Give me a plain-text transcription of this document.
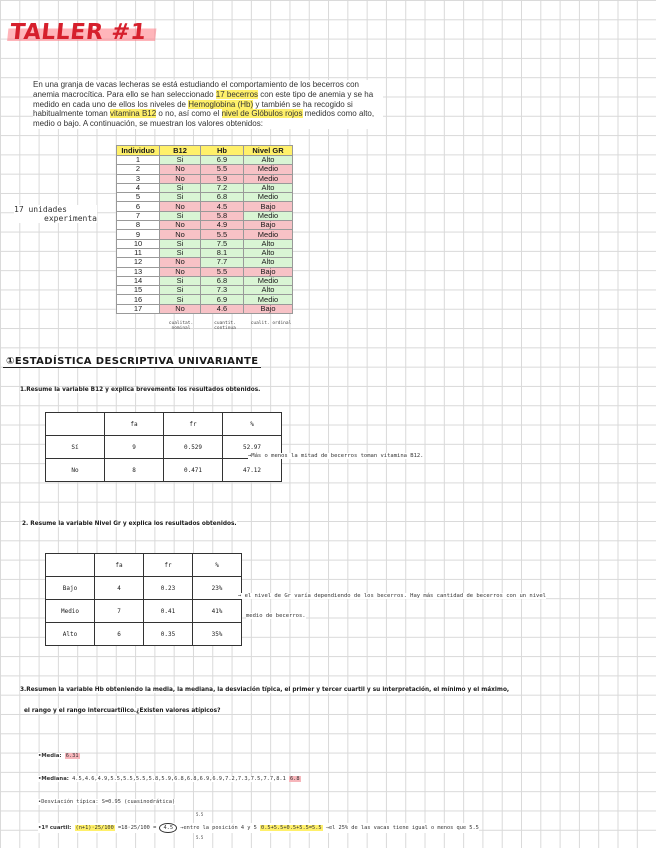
TALLER #1
En una granja de vacas lecheras se está estudiando el comportamiento de los becerros con anemia macrocítica. Para ello se han seleccionado 17 becerros con este tipo de anemia y se ha medido en cada uno de ellos los niveles de Hemoglobina (Hb) y también se ha recogido si habitualmente toman vitamina B12 o no, así como el nivel de Glóbulos rojos medidos como alto, medio o bajo. A continuación, se muestran los valores obtenidos:
Individuo	B12	Hb	Nivel GR
1	Si	6.9	Alto
2	No	5.5	Medio
3	No	5.9	Medio
4	Si	7.2	Alto
5	Si	6.8	Medio
6	No	4.5	Bajo
7	Si	5.8	Medio
8	No	4.9	Bajo
9	No	5.5	Medio
10	Si	7.5	Alto
11	Si	8.1	Alto
12	No	7.7	Alto
13	No	5.5	Bajo
14	Si	6.8	Medio
15	Si	7.3	Alto
16	Si	6.9	Medio
17	No	4.6	Bajo
17 unidades
experimenta
cualitat. nominal
cuantit. continua
cualit. ordinal
①ESTADÍSTICA DESCRIPTIVA UNIVARIANTE
1.Resume la variable B12 y explica brevemente los resultados obtenidos.
	fa	fr	%
Sí	9	0.529	52.97
No	8	0.471	47.12
→Más o menos la mitad de becerros toman vitamina B12.
2. Resume la variable Nivel Gr y explica los resultados obtenidos.
	fa	fr	%
Bajo	4	0.23	23%
Medio	7	0.41	41%
Alto	6	0.35	35%
→ el nivel de Gr varía dependiendo de los becerros. Hay más cantidad de becerros con un nivel
medio de becerros.
3.Resumen la variable Hb obteniendo la media, la mediana, la desviación típica, el primer y tercer cuartil y su interpretación, el mínimo y el máximo,
el rango y el rango intercuartílico.¿Existen valores atípicos?
•Media: 6.31
•Mediana: 4.5,4.6,4.9,5.5,5.5,5.5,5.8,5.9,6.8,6.8,6.9,6.9,7.2,7.3,7.5,7.7,8.1 6.8
•Desviación típica: S=0.95 (cuasinodrática)
•1º cuartil: (n+1)·25/100 =18·25/100 = 4.5 →entre la posición 4 y 5 0.5+5.5+0.5+5.5=5.5 →el 25% de las vacas tiene igual o menos que 5.5
5.5
5.5
